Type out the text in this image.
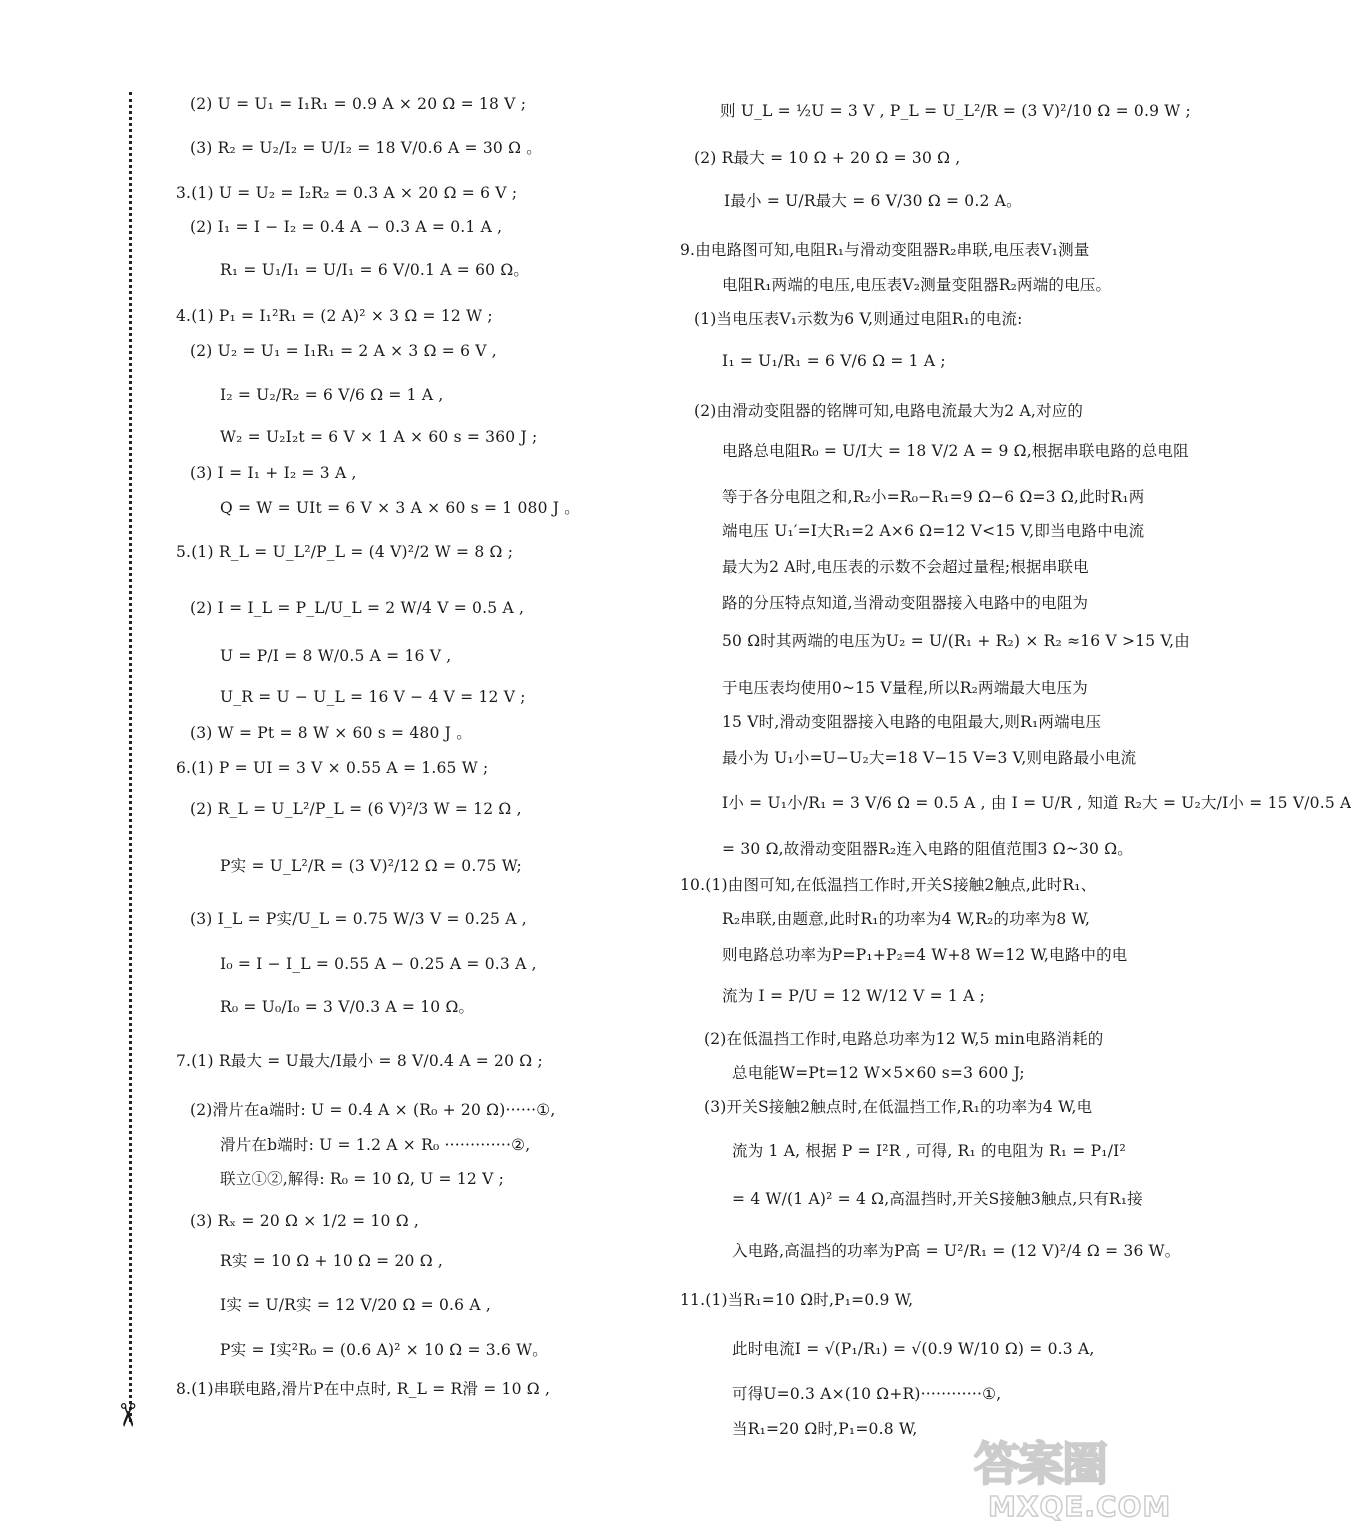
✂
(2) U = U₁ = I₁R₁ = 0.9 A × 20 Ω = 18 V ;
(3) R₂ = U₂/I₂ = U/I₂ = 18 V/0.6 A = 30 Ω 。
3.(1) U = U₂ = I₂R₂ = 0.3 A × 20 Ω = 6 V ;
(2) I₁ = I − I₂ = 0.4 A − 0.3 A = 0.1 A ,
R₁ = U₁/I₁ = U/I₁ = 6 V/0.1 A = 60 Ω。
4.(1) P₁ = I₁²R₁ = (2 A)² × 3 Ω = 12 W ;
(2) U₂ = U₁ = I₁R₁ = 2 A × 3 Ω = 6 V ,
I₂ = U₂/R₂ = 6 V/6 Ω = 1 A ,
W₂ = U₂I₂t = 6 V × 1 A × 60 s = 360 J ;
(3) I = I₁ + I₂ = 3 A ,
Q = W = UIt = 6 V × 3 A × 60 s = 1 080 J 。
5.(1) R_L = U_L²/P_L = (4 V)²/2 W = 8 Ω ;
(2) I = I_L = P_L/U_L = 2 W/4 V = 0.5 A ,
U = P/I = 8 W/0.5 A = 16 V ,
U_R = U − U_L = 16 V − 4 V = 12 V ;
(3) W = Pt = 8 W × 60 s = 480 J 。
6.(1) P = UI = 3 V × 0.55 A = 1.65 W ;
(2) R_L = U_L²/P_L = (6 V)²/3 W = 12 Ω ,
P实 = U_L²/R = (3 V)²/12 Ω = 0.75 W;
(3) I_L = P实/U_L = 0.75 W/3 V = 0.25 A ,
I₀ = I − I_L = 0.55 A − 0.25 A = 0.3 A ,
R₀ = U₀/I₀ = 3 V/0.3 A = 10 Ω。
7.(1) R最大 = U最大/I最小 = 8 V/0.4 A = 20 Ω ;
(2)滑片在a端时: U = 0.4 A × (R₀ + 20 Ω)······①,
滑片在b端时: U = 1.2 A × R₀ ·············②,
联立①②,解得: R₀ = 10 Ω, U = 12 V ;
(3) Rₓ = 20 Ω × 1/2 = 10 Ω ,
R实 = 10 Ω + 10 Ω = 20 Ω ,
I实 = U/R实 = 12 V/20 Ω = 0.6 A ,
P实 = I实²R₀ = (0.6 A)² × 10 Ω = 3.6 W。
8.(1)串联电路,滑片P在中点时, R_L = R滑 = 10 Ω ,
则 U_L = ½U = 3 V , P_L = U_L²/R = (3 V)²/10 Ω = 0.9 W ;
(2) R最大 = 10 Ω + 20 Ω = 30 Ω ,
I最小 = U/R最大 = 6 V/30 Ω = 0.2 A。
9.由电路图可知,电阻R₁与滑动变阻器R₂串联,电压表V₁测量
电阻R₁两端的电压,电压表V₂测量变阻器R₂两端的电压。
(1)当电压表V₁示数为6 V,则通过电阻R₁的电流:
I₁ = U₁/R₁ = 6 V/6 Ω = 1 A ;
(2)由滑动变阻器的铭牌可知,电路电流最大为2 A,对应的
电路总电阻R₀ = U/I大 = 18 V/2 A = 9 Ω,根据串联电路的总电阻
等于各分电阻之和,R₂小=R₀−R₁=9 Ω−6 Ω=3 Ω,此时R₁两
端电压 U₁′=I大R₁=2 A×6 Ω=12 V<15 V,即当电路中电流
最大为2 A时,电压表的示数不会超过量程;根据串联电
路的分压特点知道,当滑动变阻器接入电路中的电阻为
50 Ω时其两端的电压为U₂ = U/(R₁ + R₂) × R₂ ≈16 V >15 V,由
于电压表均使用0~15 V量程,所以R₂两端最大电压为
15 V时,滑动变阻器接入电路的电阻最大,则R₁两端电压
最小为 U₁小=U−U₂大=18 V−15 V=3 V,则电路最小电流
I小 = U₁小/R₁ = 3 V/6 Ω = 0.5 A , 由 I = U/R , 知道 R₂大 = U₂大/I小 = 15 V/0.5 A
= 30 Ω,故滑动变阻器R₂连入电路的阻值范围3 Ω~30 Ω。
10.(1)由图可知,在低温挡工作时,开关S接触2触点,此时R₁、
R₂串联,由题意,此时R₁的功率为4 W,R₂的功率为8 W,
则电路总功率为P=P₁+P₂=4 W+8 W=12 W,电路中的电
流为 I = P/U = 12 W/12 V = 1 A ;
(2)在低温挡工作时,电路总功率为12 W,5 min电路消耗的
总电能W=Pt=12 W×5×60 s=3 600 J;
(3)开关S接触2触点时,在低温挡工作,R₁的功率为4 W,电
流为 1 A, 根据 P = I²R , 可得, R₁ 的电阻为 R₁ = P₁/I²
= 4 W/(1 A)² = 4 Ω,高温挡时,开关S接触3触点,只有R₁接
入电路,高温挡的功率为P高 = U²/R₁ = (12 V)²/4 Ω = 36 W。
11.(1)当R₁=10 Ω时,P₁=0.9 W,
此时电流I = √(P₁/R₁) = √(0.9 W/10 Ω) = 0.3 A,
可得U=0.3 A×(10 Ω+R)············①,
当R₁=20 Ω时,P₁=0.8 W,
答案圈
MXQE.COM
